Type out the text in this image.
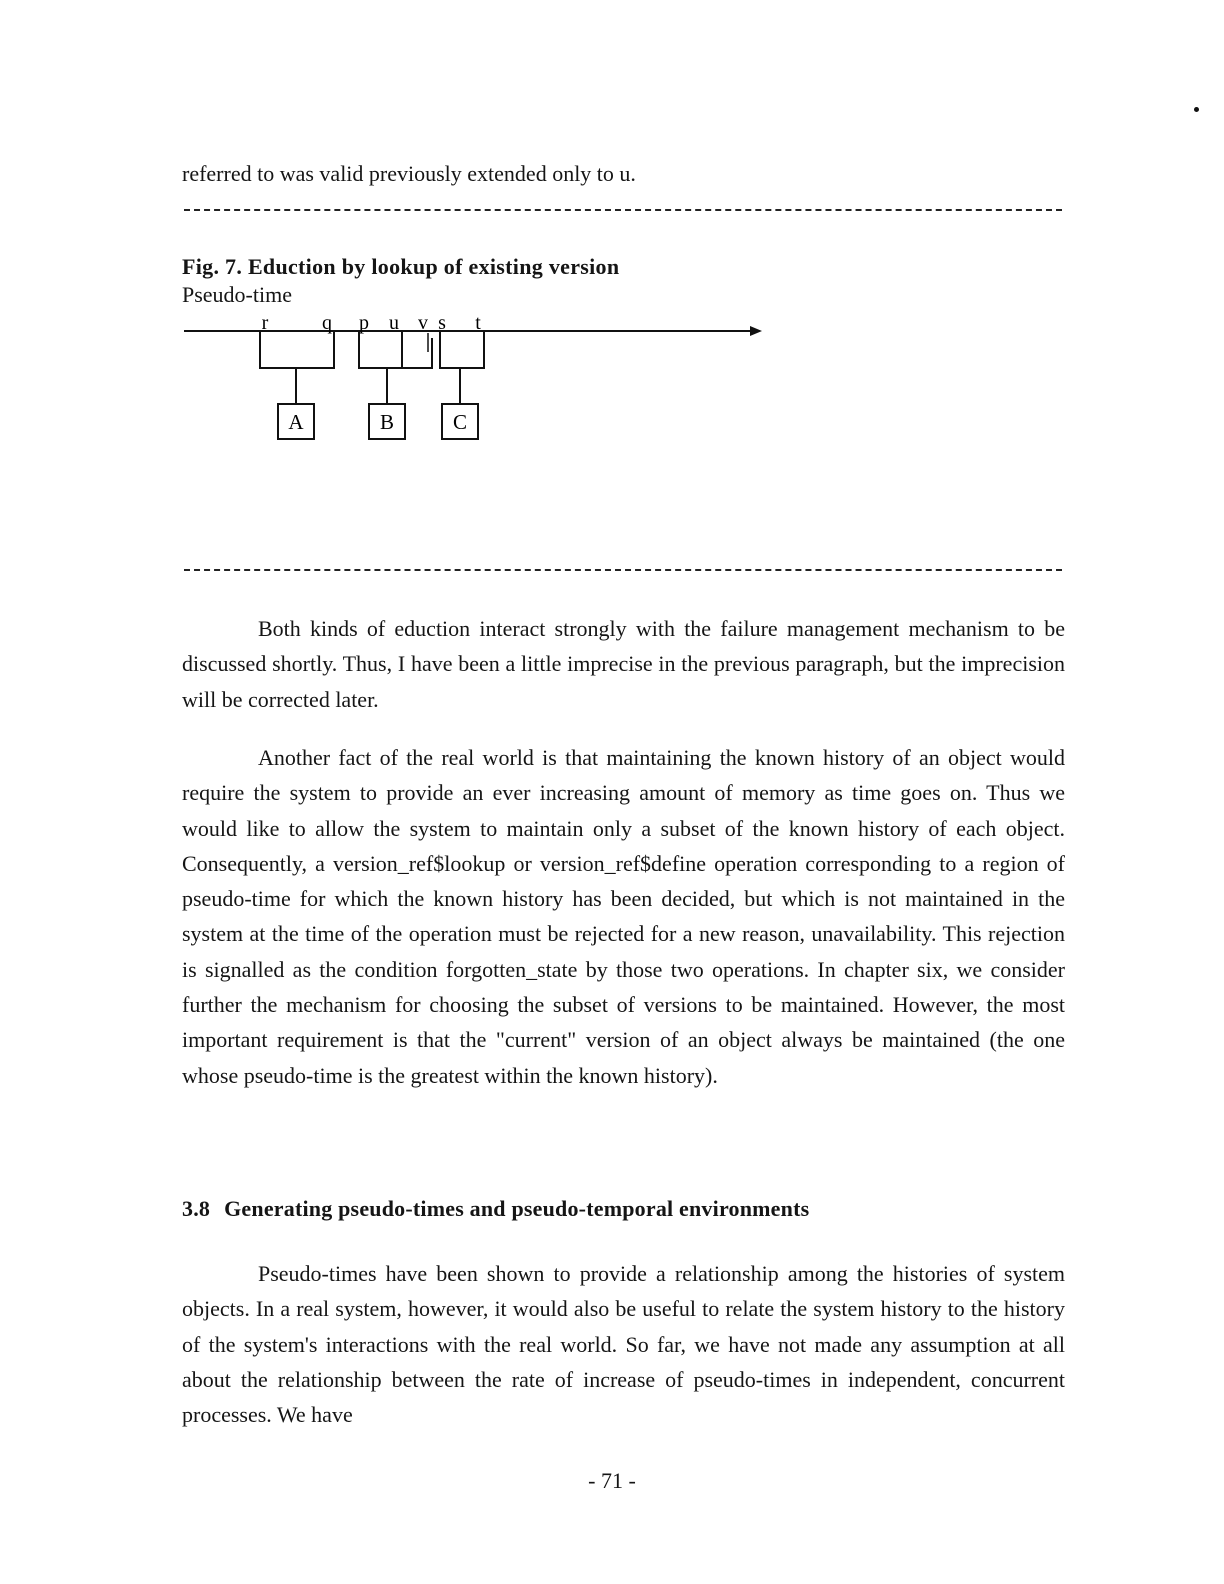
referred to was valid previously extended only to u.
Fig. 7. Eduction by lookup of existing version
Pseudo-time
r	q p u v s t
A	B	C
Both kinds of eduction interact strongly with the failure management mechanism to be discussed shortly. Thus, I have been a little imprecise in the previous paragraph, but the imprecision will be corrected later.
Another fact of the real world is that maintaining the known history of an object would require the system to provide an ever increasing amount of memory as time goes on. Thus we would like to allow the system to maintain only a subset of the known history of each object. Consequently, a version_ref$lookup or version_ref$define operation corresponding to a region of pseudo-time for which the known history has been decided, but which is not maintained in the system at the time of the operation must be rejected for a new reason, unavailability. This rejection is signalled as the condition forgotten_state by those two operations. In chapter six, we consider further the mechanism for choosing the subset of versions to be maintained. However, the most important requirement is that the "current" version of an object always be maintained (the one whose pseudo-time is the greatest within the known history).
3.8 Generating pseudo-times and pseudo-temporal environments
Pseudo-times have been shown to provide a relationship among the histories of system objects. In a real system, however, it would also be useful to relate the system history to the history of the system's interactions with the real world. So far, we have not made any assumption at all about the relationship between the rate of increase of pseudo-times in independent, concurrent processes. We have
- 71 -
